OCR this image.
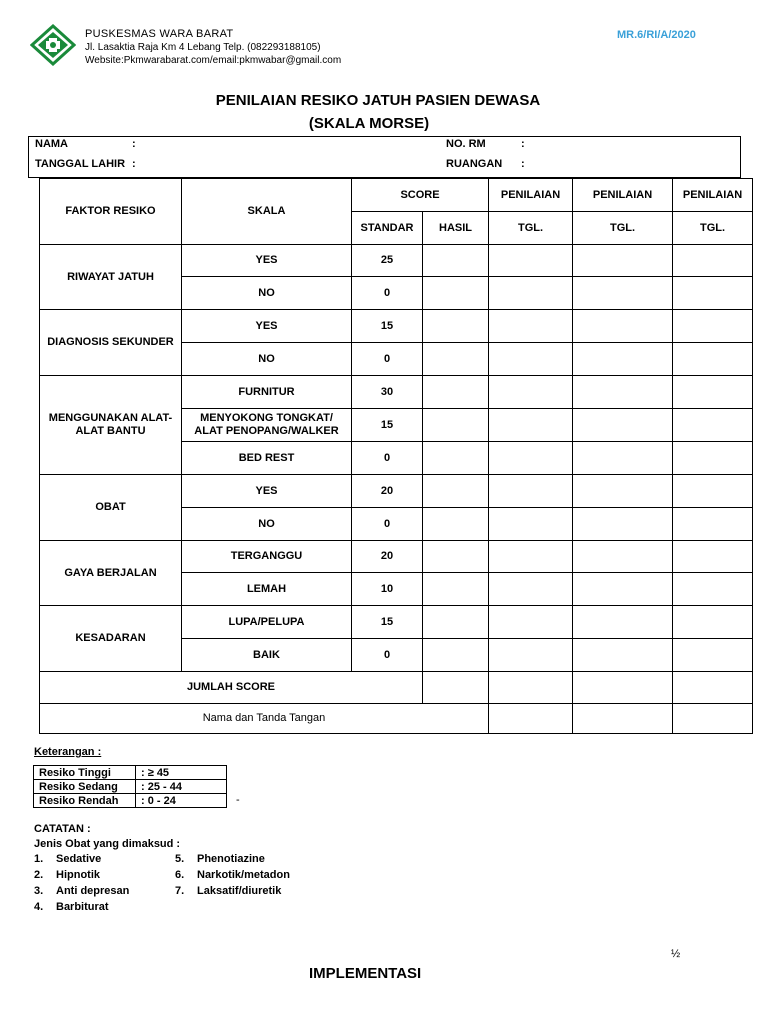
PUSKESMAS WARA BARAT
Jl. Lasaktia Raja Km 4 Lebang Telp. (082293188105)
Website:Pkmwarabarat.com/email:pkmwabar@gmail.com
MR.6/RI/A/2020
PENILAIAN RESIKO JATUH PASIEN DEWASA
(SKALA MORSE)
NAMA	:
TANGGAL LAHIR :
NO. RM	:
RUANGAN :
FAKTOR RESIKO	SKALA	SCORE		PENILAIAN	PENILAIAN	PENILAIAN
		STANDAR	HASIL	TGL.	TGL.	TGL.
RIWAYAT JATUH	YES	25				
	NO	0				
DIAGNOSIS SEKUNDER	YES	15				
	NO	0				
MENGGUNAKAN ALAT-ALAT BANTU	FURNITUR	30				
	MENYOKONG TONGKAT/ ALAT PENOPANG/WALKER	15				
	BED REST	0				
OBAT	YES	20				
	NO	0				
GAYA BERJALAN	TERGANGGU	20				
	LEMAH	10				
KESADARAN	LUPA/PELUPA	15				
	BAIK	0				
JUMLAH SCORE						
Nama dan Tanda Tangan						
Keterangan :
Resiko Tinggi	: ≥ 45
Resiko Sedang	: 25 - 44
Resiko Rendah	: 0 - 24	-
CATATAN :
Jenis Obat yang dimaksud :
1. Sedative
2. Hipnotik
3. Anti depresan
4. Barbiturat
5. Phenotiazine
6. Narkotik/metadon
7. Laksatif/diuretik
½
IMPLEMENTASI
